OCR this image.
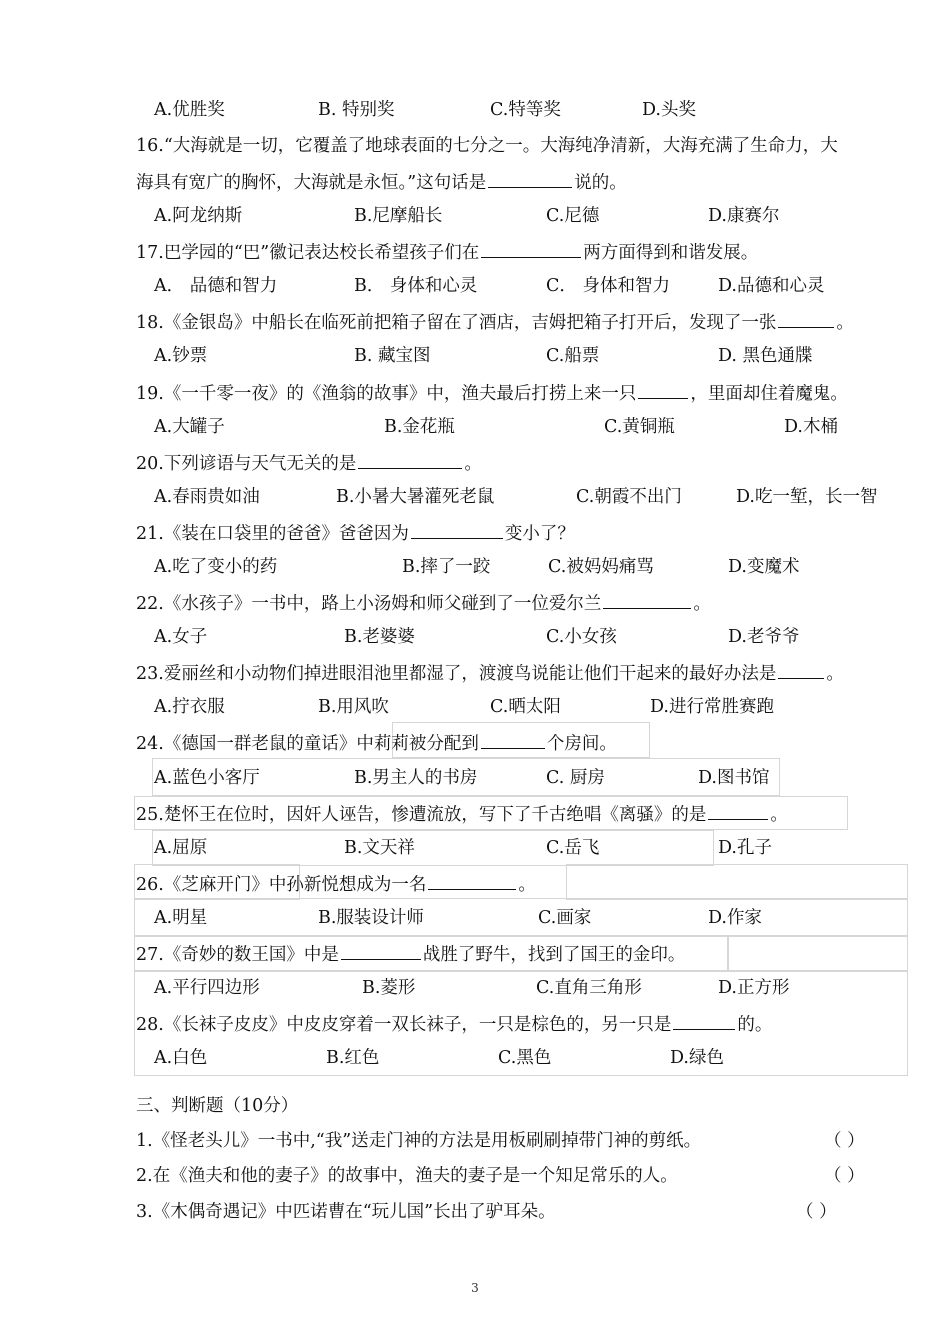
A.优胜奖	B. 特别奖	C.特等奖	D.头奖
16.“大海就是一切，它覆盖了地球表面的七分之一。大海纯净清新，大海充满了生命力，大
海具有宽广的胸怀，大海就是永恒。”这句话是	说的。
A.阿龙纳斯	B.尼摩船长	C.尼德	D.康赛尔
17.巴学园的“巴”徽记表达校长希望孩子们在	两方面得到和谐发展。
A． 品德和智力	B． 身体和心灵	C． 身体和智力	D.品德和心灵
18.《金银岛》中船长在临死前把箱子留在了酒店，吉姆把箱子打开后，发现了一张	。
A.钞票	B. 藏宝图	C.船票	D. 黑色通牒
19.《一千零一夜》的《渔翁的故事》中，渔夫最后打捞上来一只	，里面却住着魔鬼。
A.大罐子	B.金花瓶	C.黄铜瓶	D.木桶
20.下列谚语与天气无关的是	。
A.春雨贵如油	B.小暑大暑灌死老鼠	C.朝霞不出门	D.吃一堑，长一智
21.《装在口袋里的爸爸》爸爸因为	变小了？
A.吃了变小的药	B.摔了一跤	C.被妈妈痛骂	D.变魔术
22.《水孩子》一书中，路上小汤姆和师父碰到了一位爱尔兰	。
A.女子	B.老婆婆	C.小女孩	D.老爷爷
23.爱丽丝和小动物们掉进眼泪池里都湿了，渡渡鸟说能让他们干起来的最好办法是	。
A.拧衣服	B.用风吹	C.晒太阳	D.进行常胜赛跑
24.《德国一群老鼠的童话》中莉莉被分配到	个房间。
A.蓝色小客厅	B.男主人的书房	C. 厨房	D.图书馆
25.楚怀王在位时，因奸人诬告，惨遭流放，写下了千古绝唱《离骚》的是	。
A.屈原	B.文天祥	C.岳飞	D.孔子
26.《芝麻开门》中孙新悦想成为一名	。
A.明星	B.服装设计师	C.画家	D.作家
27.《奇妙的数王国》中是	战胜了野牛，找到了国王的金印。
A.平行四边形	B.菱形	C.直角三角形	D.正方形
28.《长袜子皮皮》中皮皮穿着一双长袜子，一只是棕色的，另一只是	的。
A.白色	B.红色	C.黑色	D.绿色
三、判断题（10分）
1.《怪老头儿》一书中,“我”送走门神的方法是用板刷刷掉带门神的剪纸。	（ ）
2.在《渔夫和他的妻子》的故事中，渔夫的妻子是一个知足常乐的人。	（ ）
3.《木偶奇遇记》中匹诺曹在“玩儿国”长出了驴耳朵。	（ ）
3
